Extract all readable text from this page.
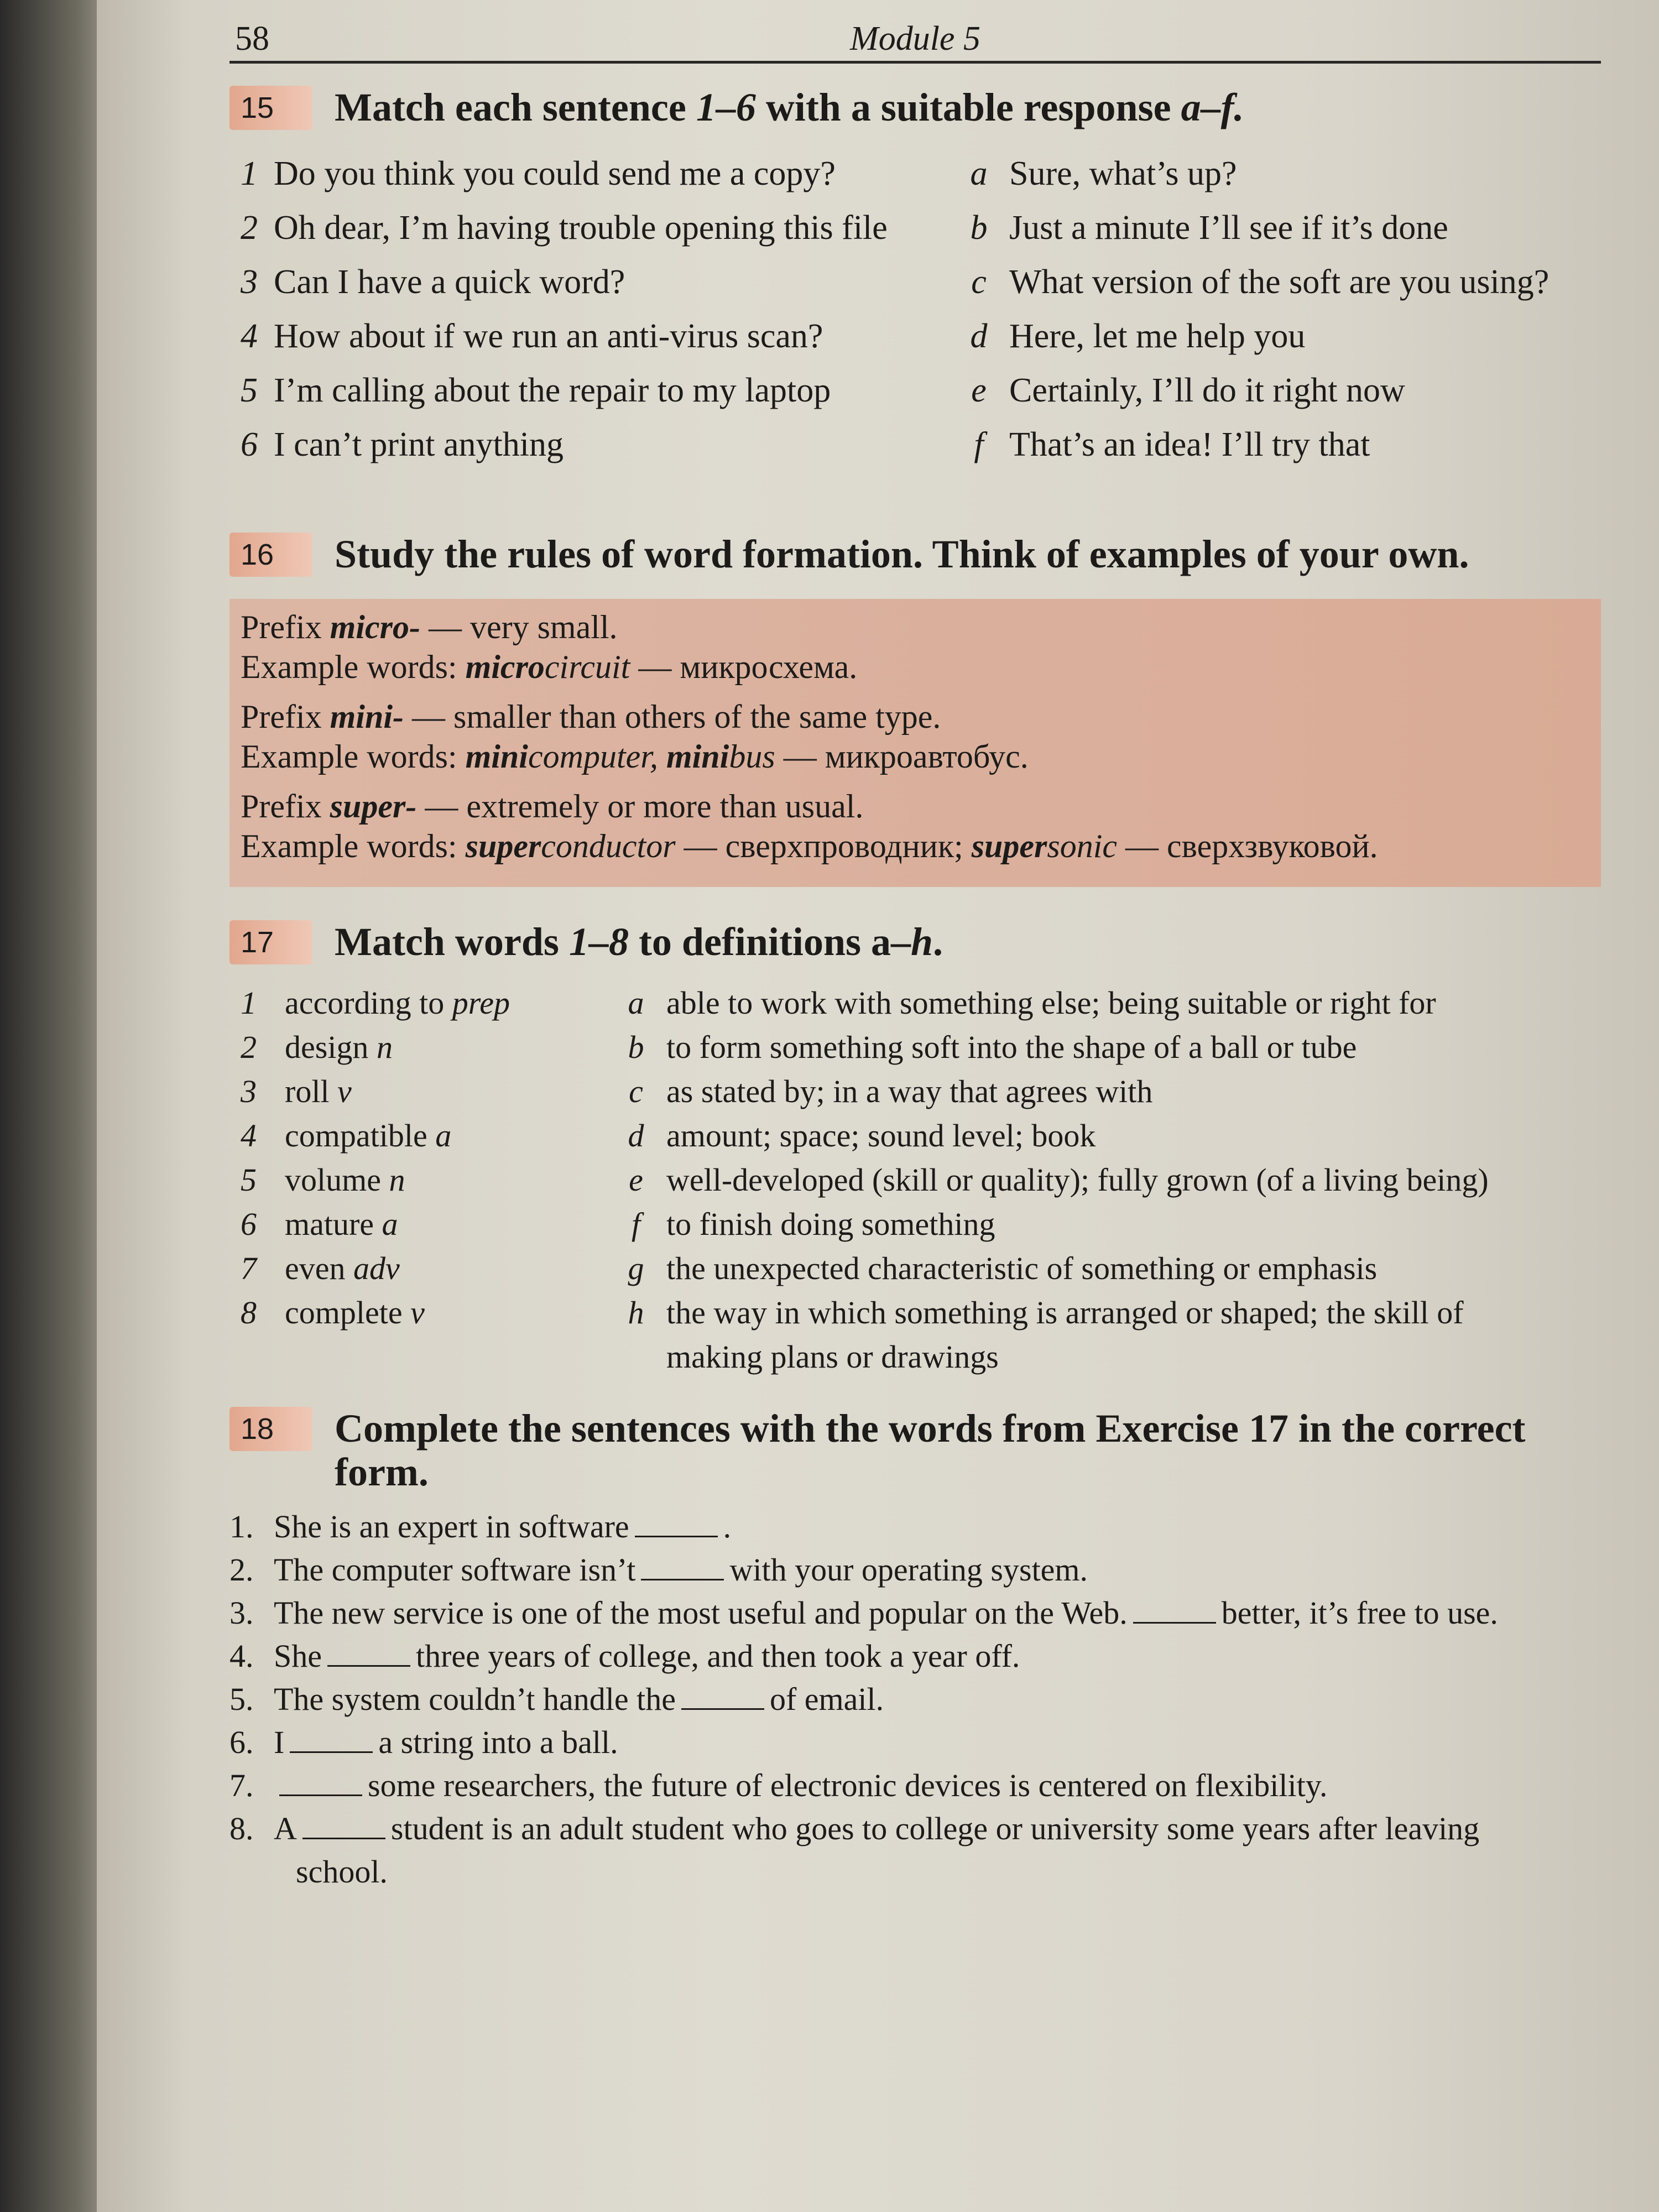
58	Module 5
15	Match each sentence 1–6 with a suitable response a–f.
1 Do you think you could send me a copy?	a Sure, what’s up?
2 Oh dear, I’m having trouble opening this file	b Just a minute I’ll see if it’s done
3 Can I have a quick word?	c What version of the soft are you using?
4 How about if we run an anti-virus scan?	d Here, let me help you
5 I’m calling about the repair to my laptop	e Certainly, I’ll do it right now
6 I can’t print anything	f That’s an idea! I’ll try that
16	Study the rules of word formation. Think of examples of your own.
Prefix micro- — very small.
Example words: microcircuit — микросхема.
Prefix mini- — smaller than others of the same type.
Example words: minicomputer, minibus — микроавтобус.
Prefix super- — extremely or more than usual.
Example words: superconductor — сверхпроводник; supersonic — сверхзвуковой.
17	Match words 1–8 to definitions a–h.
1 according to prep	a able to work with something else; being suitable or right for
2 design n	b to form something soft into the shape of a ball or tube
3 roll v	c as stated by; in a way that agrees with
4 compatible a	d amount; space; sound level; book
5 volume n	e well-developed (skill or quality); fully grown (of a living being)
6 mature a	f to finish doing something
7 even adv	g the unexpected characteristic of something or emphasis
8 complete v	h the way in which something is arranged or shaped; the skill of
making plans or drawings
18	Complete the sentences with the words from Exercise 17 in the correct form.
1. She is an expert in software	.
2. The computer software isn’t	with your operating system.
3. The new service is one of the most useful and popular on the Web.	better, it’s free to use.
4. She	three years of college, and then took a year off.
5. The system couldn’t handle the	of email.
6. I	a string into a ball.
7.	some researchers, the future of electronic devices is centered on flexibility.
8. A	student is an adult student who goes to college or university some years after leaving
school.
